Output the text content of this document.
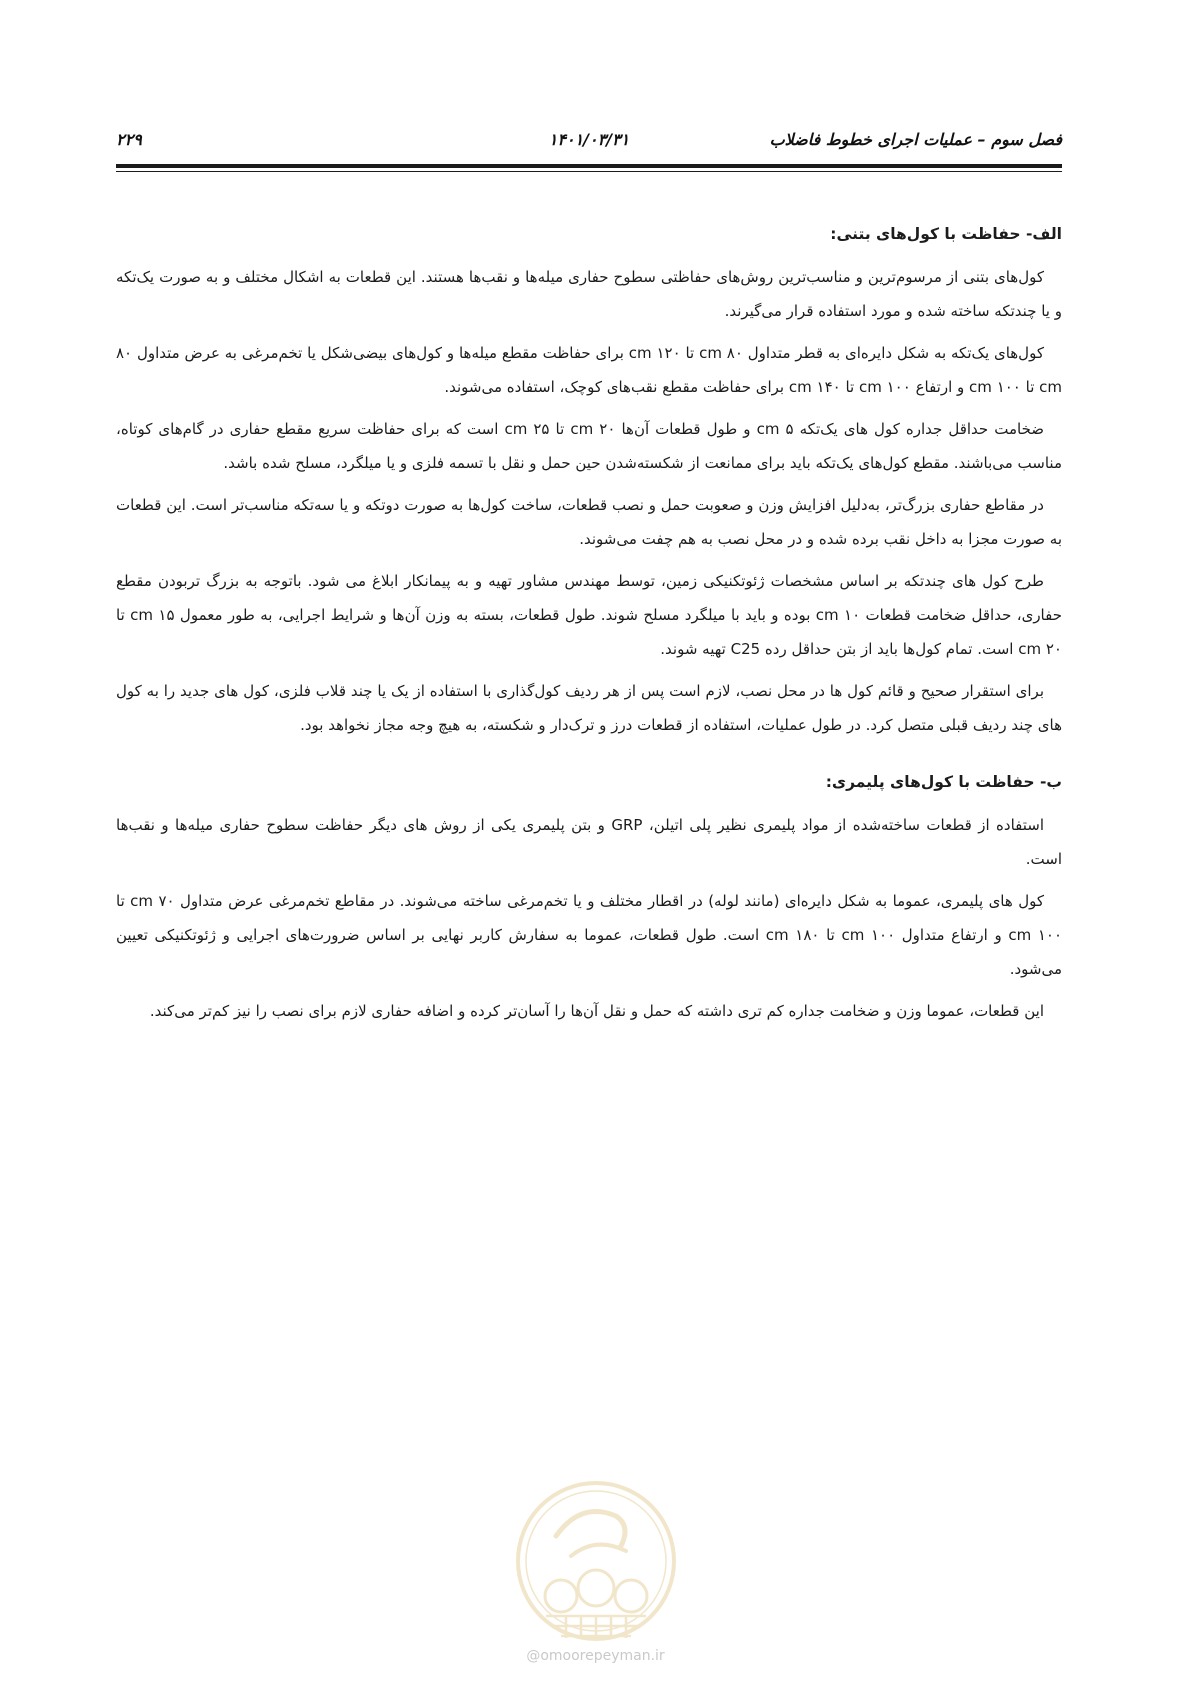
فصل سوم – عملیات اجرای خطوط فاضلاب
۱۴۰۱/۰۳/۳۱
۲۲۹
الف- حفاظت با کول‌های بتنی:

کول‌های بتنی از مرسوم‌ترین و مناسب‌ترین روش‌های حفاظتی سطوح حفاری میله‌ها و نقب‌ها هستند. این قطعات به اشکال مختلف و به صورت یک‌تکه و یا چندتکه ساخته شده و مورد استفاده قرار می‌گیرند.

کول‌های یک‌تکه به شکل دایره‌ای به قطر متداول ۸۰ cm تا ۱۲۰ cm برای حفاظت مقطع میله‌ها و کول‌های بیضی‌شکل یا تخم‌مرغی به عرض متداول ۸۰ cm تا ۱۰۰ cm و ارتفاع ۱۰۰ cm تا ۱۴۰ cm برای حفاظت مقطع نقب‌های کوچک، استفاده می‌شوند.

ضخامت حداقل جداره کول های یک‌تکه ۵ cm و طول قطعات آن‌ها ۲۰ cm تا ۲۵ cm است که برای حفاظت سریع مقطع حفاری در گام‌های کوتاه، مناسب می‌باشند. مقطع کول‌های یک‌تکه باید برای ممانعت از شکسته‌شدن حین حمل و نقل با تسمه فلزی و یا میلگرد، مسلح شده باشد.

در مقاطع حفاری بزرگ‌تر، به‌دلیل افزایش وزن و صعوبت حمل و نصب قطعات، ساخت کول‌ها به صورت دوتکه و یا سه‌تکه مناسب‌تر است. این قطعات به صورت مجزا به داخل نقب برده شده و در محل نصب به هم چفت می‌شوند.

طرح کول های چندتکه بر اساس مشخصات ژئوتکنیکی زمین، توسط مهندس مشاور تهیه و به پیمانکار ابلاغ می شود. باتوجه به بزرگ تربودن مقطع حفاری، حداقل ضخامت قطعات ۱۰ cm بوده و باید با میلگرد مسلح شوند. طول قطعات، بسته به وزن آن‌ها و شرایط اجرایی، به طور معمول ۱۵ cm تا ۲۰ cm است. تمام کول‌ها باید از بتن حداقل رده C25 تهیه شوند.

برای استقرار صحیح و قائم کول ها در محل نصب، لازم است پس از هر ردیف کول‌گذاری با استفاده از یک یا چند قلاب فلزی، کول های جدید را به کول های چند ردیف قبلی متصل کرد. در طول عملیات، استفاده از قطعات درز و ترک‌دار و شکسته، به هیچ وجه مجاز نخواهد بود.

ب- حفاظت با کول‌های پلیمری:

استفاده از قطعات ساخته‌شده از مواد پلیمری نظیر پلی اتیلن، GRP و بتن پلیمری یکی از روش های دیگر حفاظت سطوح حفاری میله‌ها و نقب‌ها است.

کول های پلیمری، عموما به شکل دایره‌ای (مانند لوله) در اقطار مختلف و یا تخم‌مرغی ساخته می‌شوند. در مقاطع تخم‌مرغی عرض متداول ۷۰ cm تا ۱۰۰ cm و ارتفاع متداول ۱۰۰ cm تا ۱۸۰ cm است. طول قطعات، عموما به سفارش کاربر نهایی بر اساس ضرورت‌های اجرایی و ژئوتکنیکی تعیین می‌شود.

این قطعات، عموما وزن و ضخامت جداره کم تری داشته که حمل و نقل آن‌ها را آسان‌تر کرده و اضافه حفاری لازم برای نصب را نیز کم‌تر می‌کند.

@omoorepeyman.ir
